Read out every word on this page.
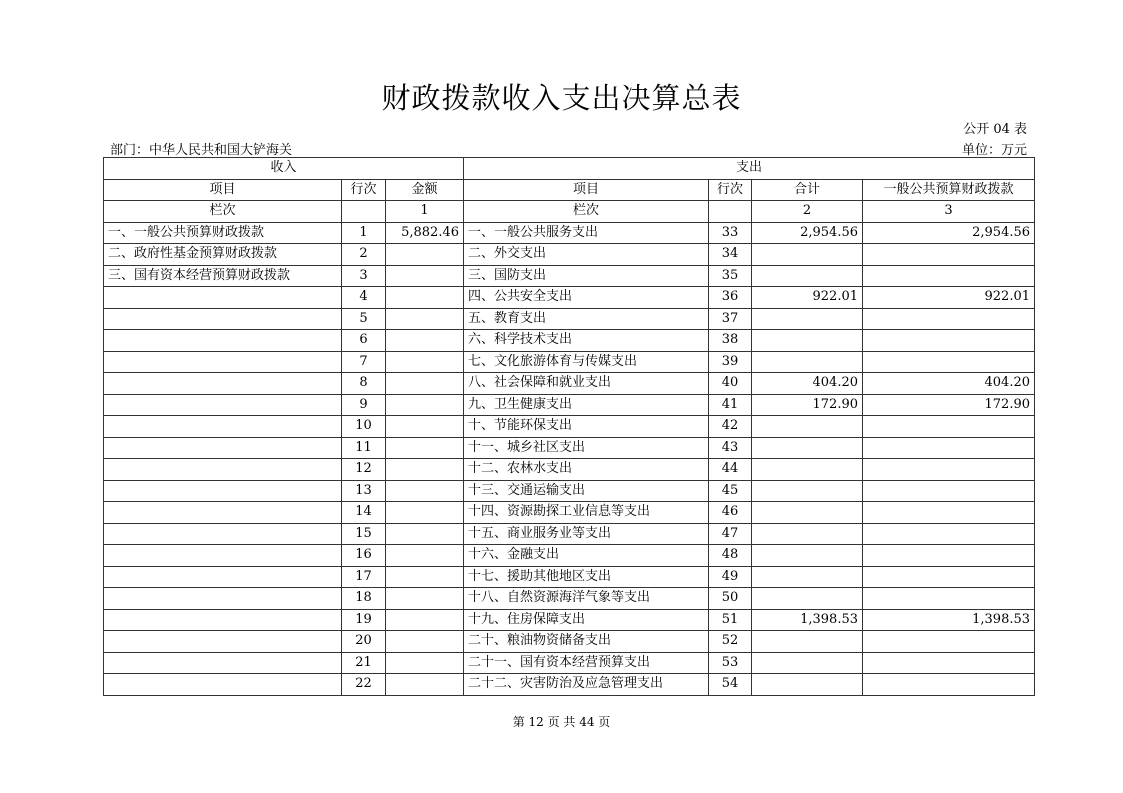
财政拨款收入支出决算总表
公开 04 表
部门：中华人民共和国大铲海关	单位：万元
收入			支出			
项目	行次	金额	项目	行次	合计	一般公共预算财政拨款
栏次		1	栏次		2	3
一、一般公共预算财政拨款	1	5,882.46	一、一般公共服务支出	33	2,954.56	2,954.56
二、政府性基金预算财政拨款	2		二、外交支出	34		
三、国有资本经营预算财政拨款	3		三、国防支出	35		
	4		四、公共安全支出	36	922.01	922.01
	5		五、教育支出	37		
	6		六、科学技术支出	38		
	7		七、文化旅游体育与传媒支出	39		
	8		八、社会保障和就业支出	40	404.20	404.20
	9		九、卫生健康支出	41	172.90	172.90
	10		十、节能环保支出	42		
	11		十一、城乡社区支出	43		
	12		十二、农林水支出	44		
	13		十三、交通运输支出	45		
	14		十四、资源勘探工业信息等支出	46		
	15		十五、商业服务业等支出	47		
	16		十六、金融支出	48		
	17		十七、援助其他地区支出	49		
	18		十八、自然资源海洋气象等支出	50		
	19		十九、住房保障支出	51	1,398.53	1,398.53
	20		二十、粮油物资储备支出	52		
	21		二十一、国有资本经营预算支出	53		
	22		二十二、灾害防治及应急管理支出	54		
第 12 页 共 44 页
